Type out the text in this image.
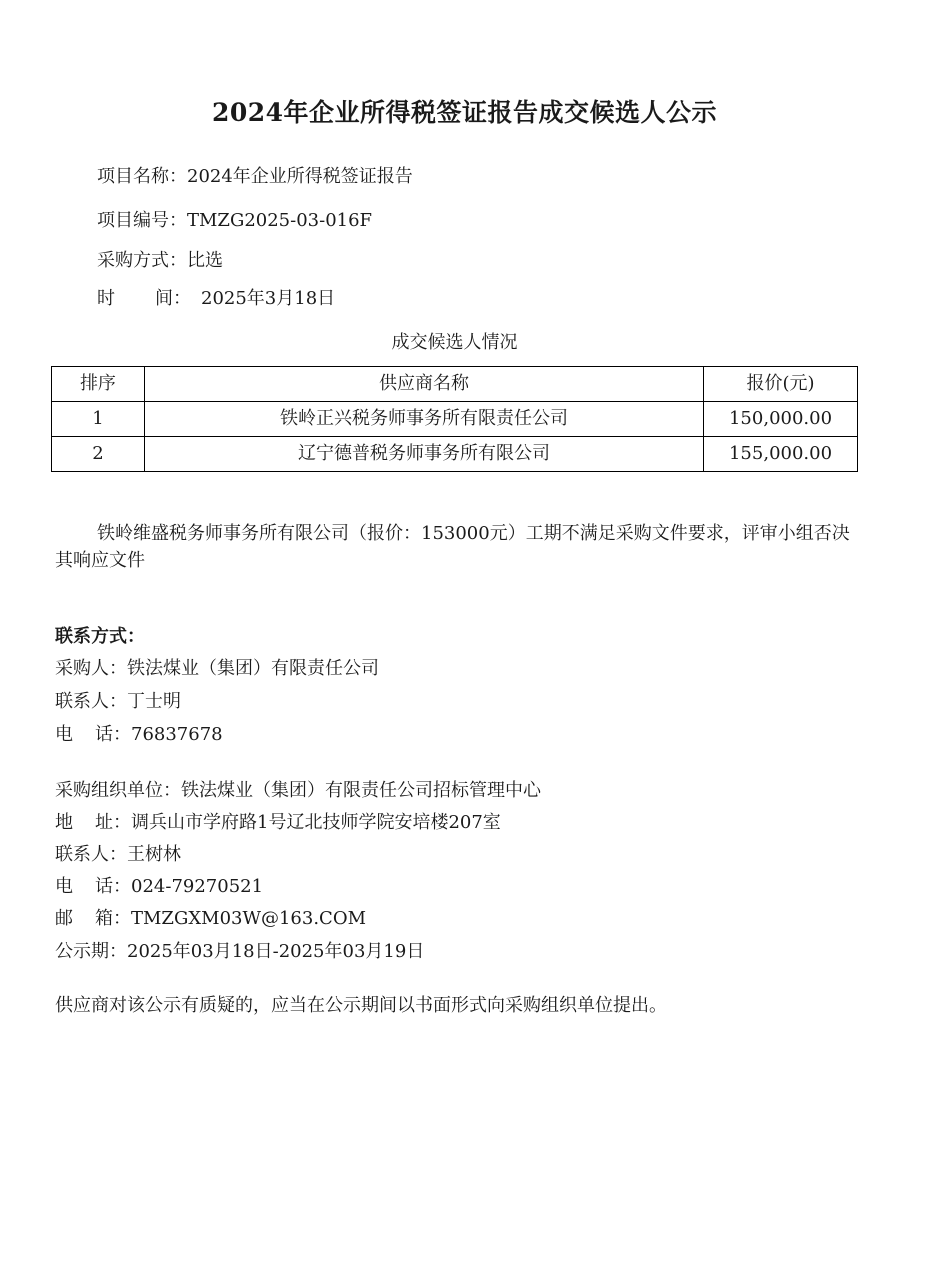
2024年企业所得税签证报告成交候选人公示
项目名称：2024年企业所得税签证报告
项目编号：TMZG2025-03-016F
采购方式：比选
时 间： 2025年3月18日
成交候选人情况
排序	供应商名称	报价(元)
1	铁岭正兴税务师事务所有限责任公司	150,000.00
2	辽宁德普税务师事务所有限公司	155,000.00
铁岭维盛税务师事务所有限公司（报价：153000元）工期不满足采购文件要求，评审小组否决其响应文件
联系方式：
采购人：铁法煤业（集团）有限责任公司
联系人：丁士明
电 话：76837678
采购组织单位：铁法煤业（集团）有限责任公司招标管理中心
地 址：调兵山市学府路1号辽北技师学院安培楼207室
联系人：王树林
电 话：024-79270521
邮 箱：TMZGXM03W@163.COM
公示期：2025年03月18日-2025年03月19日
供应商对该公示有质疑的，应当在公示期间以书面形式向采购组织单位提出。
